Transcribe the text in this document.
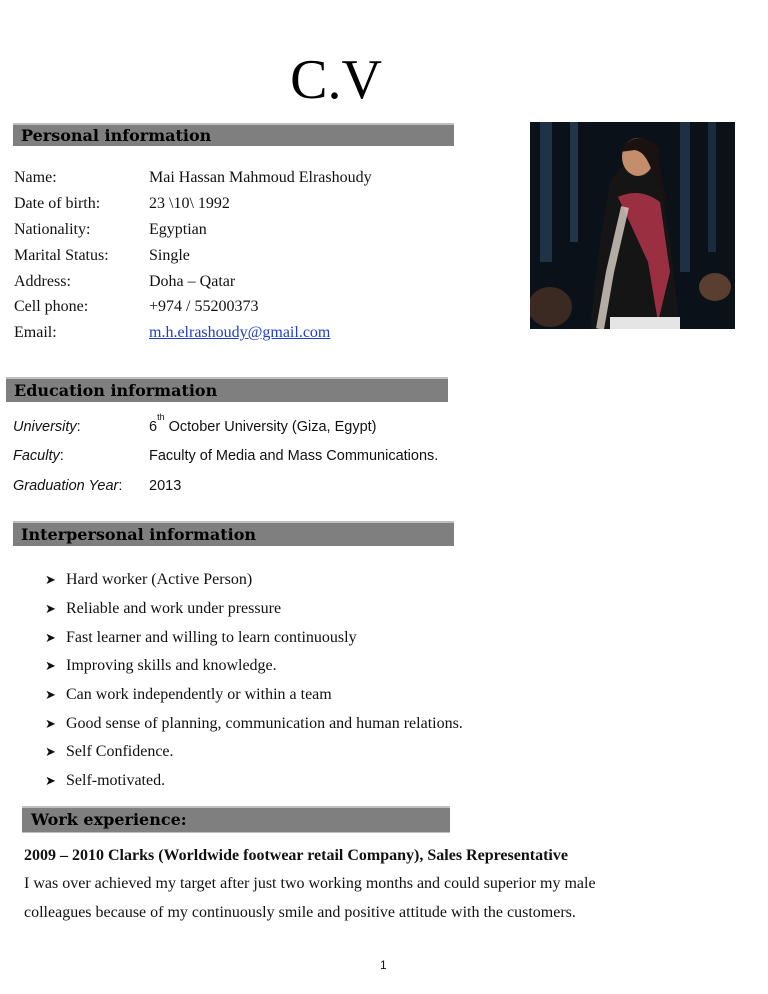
C.V
Personal information
Name:	Mai Hassan Mahmoud Elrashoudy
Date of birth:	23 \10\ 1992
Nationality:	Egyptian
Marital Status:	Single
Address:	Doha – Qatar
Cell phone:	+974 / 55200373
Email:	m.h.elrashoudy@gmail.com
Education information
University:	6th October University (Giza, Egypt)
Faculty:	Faculty of Media and Mass Communications.
Graduation Year: 2013
Interpersonal information
➤ Hard worker (Active Person)
➤ Reliable and work under pressure
➤ Fast learner and willing to learn continuously
➤ Improving skills and knowledge.
➤ Can work independently or within a team
➤ Good sense of planning, communication and human relations.
➤ Self Confidence.
➤ Self-motivated.
Work experience:
2009 – 2010 Clarks (Worldwide footwear retail Company), Sales Representative
I was over achieved my target after just two working months and could superior my male
colleagues because of my continuously smile and positive attitude with the customers.
1
